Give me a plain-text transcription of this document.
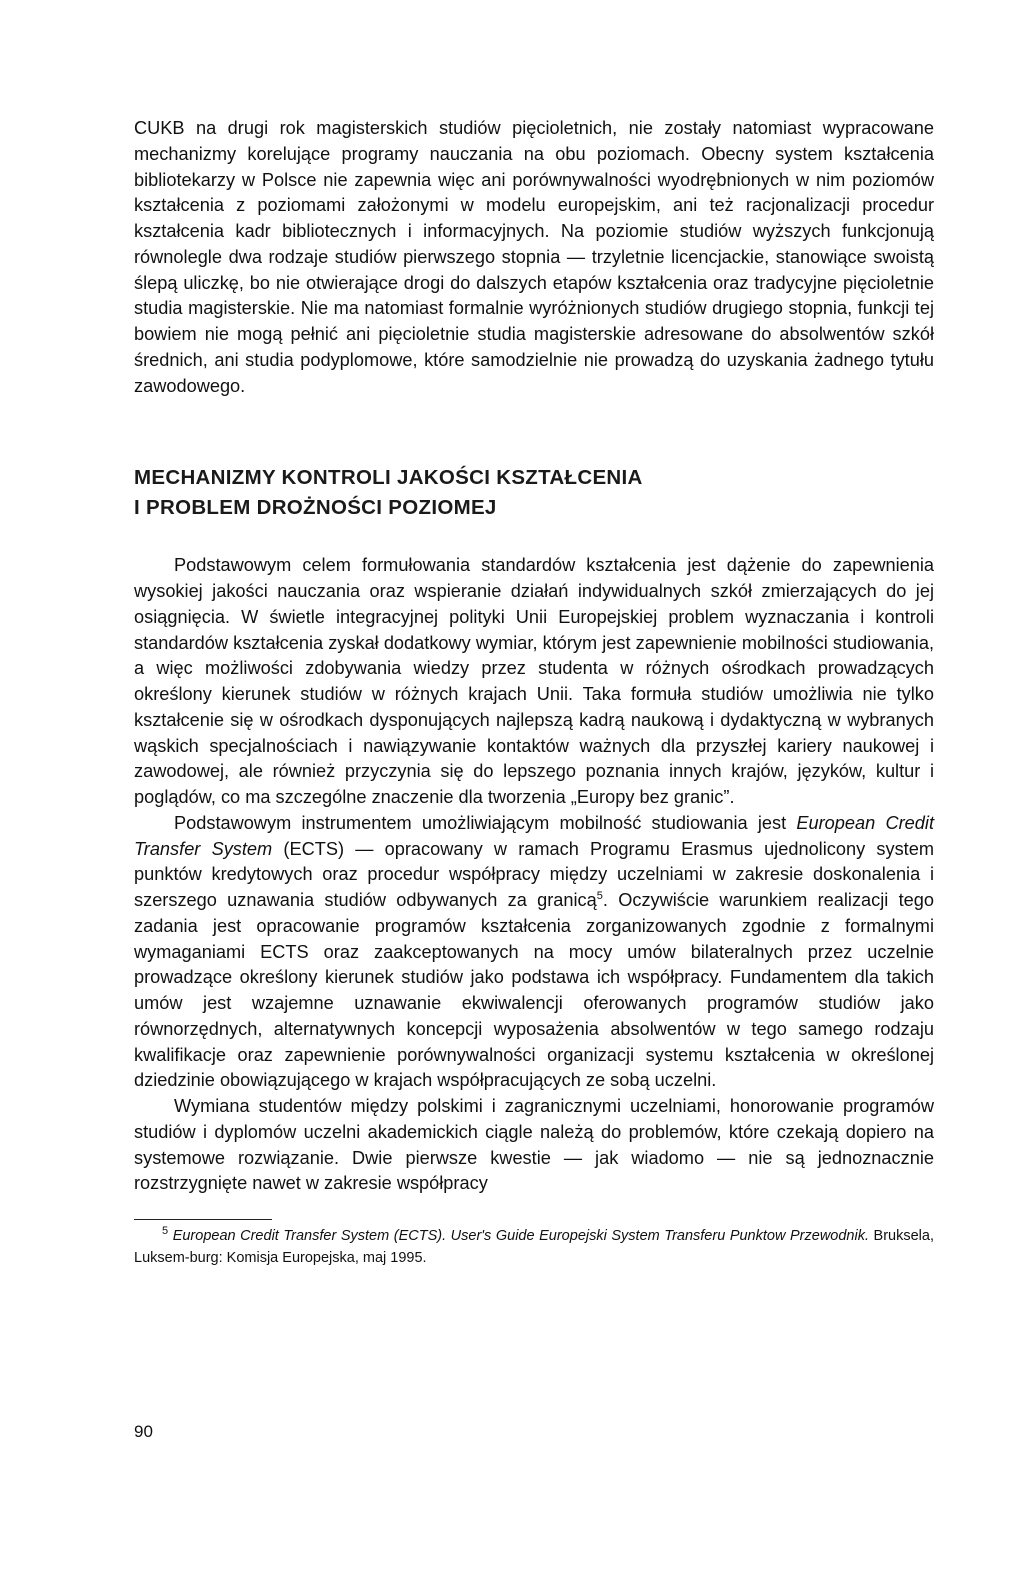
CUKB na drugi rok magisterskich studiów pięcioletnich, nie zostały natomiast wypracowane mechanizmy korelujące programy nauczania na obu poziomach. Obecny system kształcenia bibliotekarzy w Polsce nie zapewnia więc ani porównywalności wyodrębnionych w nim poziomów kształcenia z poziomami założonymi w modelu europejskim, ani też racjonalizacji procedur kształcenia kadr bibliotecznych i informacyjnych. Na poziomie studiów wyższych funkcjonują równolegle dwa rodzaje studiów pierwszego stopnia — trzyletnie licencjackie, stanowiące swoistą ślepą uliczkę, bo nie otwierające drogi do dalszych etapów kształcenia oraz tradycyjne pięcioletnie studia magisterskie. Nie ma natomiast formalnie wyróżnionych studiów drugiego stopnia, funkcji tej bowiem nie mogą pełnić ani pięcioletnie studia magisterskie adresowane do absolwentów szkół średnich, ani studia podyplomowe, które samodzielnie nie prowadzą do uzyskania żadnego tytułu zawodowego.

MECHANIZMY KONTROLI JAKOŚCI KSZTAŁCENIA
I PROBLEM DROŻNOŚCI POZIOMEJ

Podstawowym celem formułowania standardów kształcenia jest dążenie do zapewnienia wysokiej jakości nauczania oraz wspieranie działań indywidualnych szkół zmierzających do jej osiągnięcia. W świetle integracyjnej polityki Unii Europejskiej problem wyznaczania i kontroli standardów kształcenia zyskał dodatkowy wymiar, którym jest zapewnienie mobilności studiowania, a więc możliwości zdobywania wiedzy przez studenta w różnych ośrodkach prowadzących określony kierunek studiów w różnych krajach Unii. Taka formuła studiów umożliwia nie tylko kształcenie się w ośrodkach dysponujących najlepszą kadrą naukową i dydaktyczną w wybranych wąskich specjalnościach i nawiązywanie kontaktów ważnych dla przyszłej kariery naukowej i zawodowej, ale również przyczynia się do lepszego poznania innych krajów, języków, kultur i poglądów, co ma szczególne znaczenie dla tworzenia „Europy bez granic”.

Podstawowym instrumentem umożliwiającym mobilność studiowania jest European Credit Transfer System (ECTS) — opracowany w ramach Programu Erasmus ujednolicony system punktów kredytowych oraz procedur współpracy między uczelniami w zakresie doskonalenia i szerszego uznawania studiów odbywanych za granicą$^5$. Oczywiście warunkiem realizacji tego zadania jest opracowanie programów kształcenia zorganizowanych zgodnie z formalnymi wymaganiami ECTS oraz zaakceptowanych na mocy umów bilateralnych przez uczelnie prowadzące określony kierunek studiów jako podstawa ich współpracy. Fundamentem dla takich umów jest wzajemne uznawanie ekwiwalencji oferowanych programów studiów jako równorzędnych, alternatywnych koncepcji wyposażenia absolwentów w tego samego rodzaju kwalifikacje oraz zapewnienie porównywalności organizacji systemu kształcenia w określonej dziedzinie obowiązującego w krajach współpracujących ze sobą uczelni.

Wymiana studentów między polskimi i zagranicznymi uczelniami, honorowanie programów studiów i dyplomów uczelni akademickich ciągle należą do problemów, które czekają dopiero na systemowe rozwiązanie. Dwie pierwsze kwestie — jak wiadomo — nie są jednoznacznie rozstrzygnięte nawet w zakresie współpracy

$^5$ European Credit Transfer System (ECTS). User's Guide Europejski System Transferu Punktow Przewodnik. Bruksela, Luksem-burg: Komisja Europejska, maj 1995.

90
